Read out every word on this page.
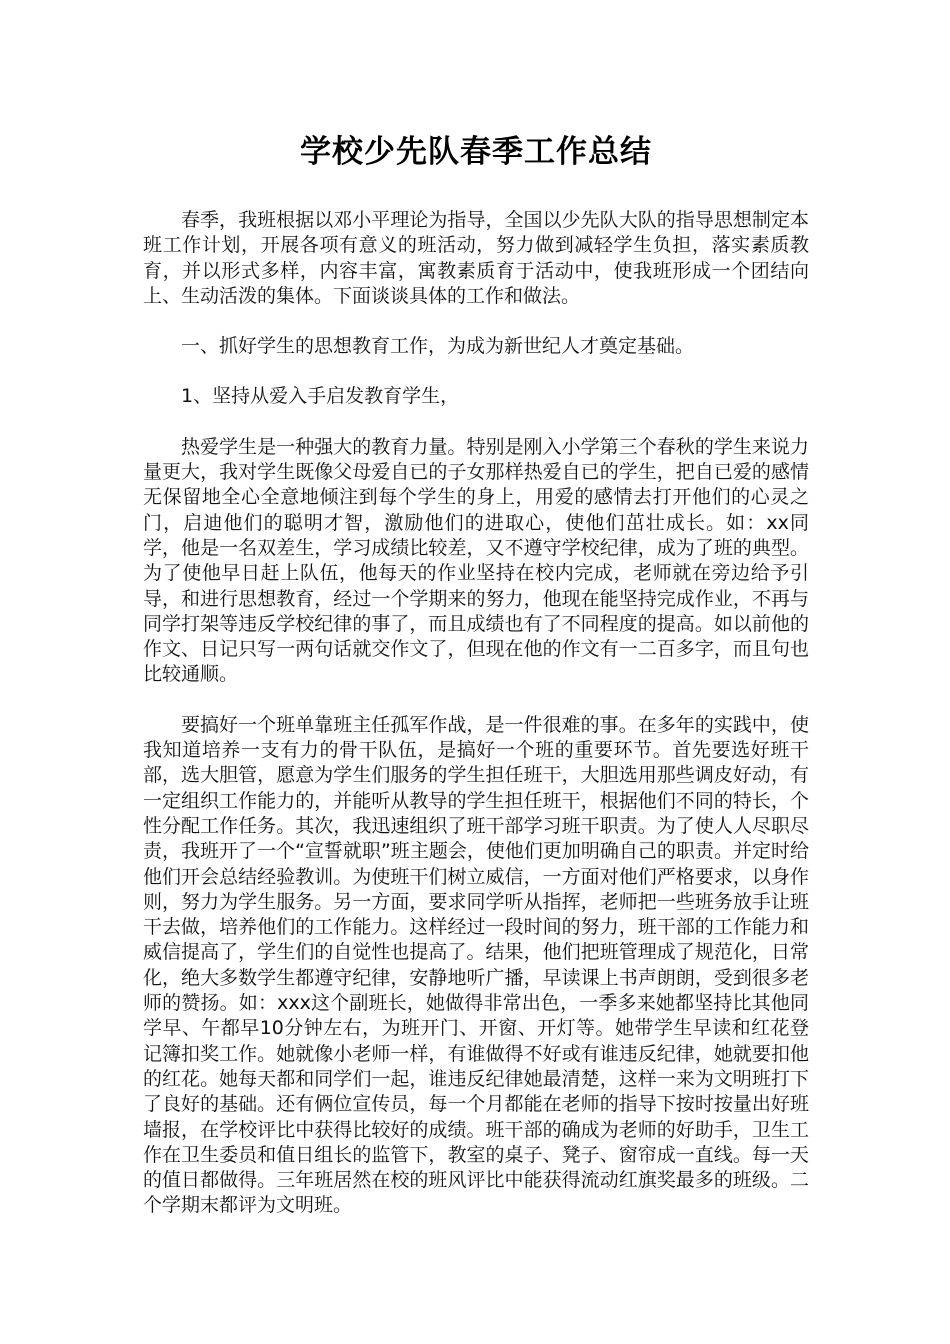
学校少先队春季工作总结

春季，我班根据以邓小平理论为指导，全国以少先队大队的指导思想制定本班工作计划，开展各项有意义的班活动，努力做到减轻学生负担，落实素质教育，并以形式多样，内容丰富，寓教素质育于活动中，使我班形成一个团结向上、生动活泼的集体。下面谈谈具体的工作和做法。

一、抓好学生的思想教育工作，为成为新世纪人才奠定基础。

1、坚持从爱入手启发教育学生，

热爱学生是一种强大的教育力量。特别是刚入小学第三个春秋的学生来说力量更大，我对学生既像父母爱自已的子女那样热爱自已的学生，把自已爱的感情无保留地全心全意地倾注到每个学生的身上，用爱的感情去打开他们的心灵之门，启迪他们的聪明才智，激励他们的进取心，使他们茁壮成长。如：xx同学，他是一名双差生，学习成绩比较差，又不遵守学校纪律，成为了班的典型。为了使他早日赶上队伍，他每天的作业坚持在校内完成，老师就在旁边给予引导，和进行思想教育，经过一个学期来的努力，他现在能坚持完成作业，不再与同学打架等违反学校纪律的事了，而且成绩也有了不同程度的提高。如以前他的作文、日记只写一两句话就交作文了，但现在他的作文有一二百多字，而且句也比较通顺。

要搞好一个班单靠班主任孤军作战，是一件很难的事。在多年的实践中，使我知道培养一支有力的骨干队伍，是搞好一个班的重要环节。首先要选好班干部，选大胆管，愿意为学生们服务的学生担任班干，大胆选用那些调皮好动，有一定组织工作能力的，并能听从教导的学生担任班干，根据他们不同的特长，个性分配工作任务。其次，我迅速组织了班干部学习班干职责。为了使人人尽职尽责，我班开了一个“宣誓就职”班主题会，使他们更加明确自己的职责。并定时给他们开会总结经验教训。为使班干们树立威信，一方面对他们严格要求，以身作则，努力为学生服务。另一方面，要求同学听从指挥，老师把一些班务放手让班干去做，培养他们的工作能力。这样经过一段时间的努力，班干部的工作能力和威信提高了，学生们的自觉性也提高了。结果，他们把班管理成了规范化，日常化，绝大多数学生都遵守纪律，安静地听广播，早读课上书声朗朗，受到很多老师的赞扬。如：xxx这个副班长，她做得非常出色，一季多来她都坚持比其他同学早、午都早10分钟左右，为班开门、开窗、开灯等。她带学生早读和红花登记簿扣奖工作。她就像小老师一样，有谁做得不好或有谁违反纪律，她就要扣他的红花。她每天都和同学们一起，谁违反纪律她最清楚，这样一来为文明班打下了良好的基础。还有俩位宣传员，每一个月都能在老师的指导下按时按量出好班墙报，在学校评比中获得比较好的成绩。班干部的确成为老师的好助手，卫生工作在卫生委员和值日组长的监管下，教室的桌子、凳子、窗帘成一直线。每一天的值日都做得。三年班居然在校的班风评比中能获得流动红旗奖最多的班级。二个学期末都评为文明班。
